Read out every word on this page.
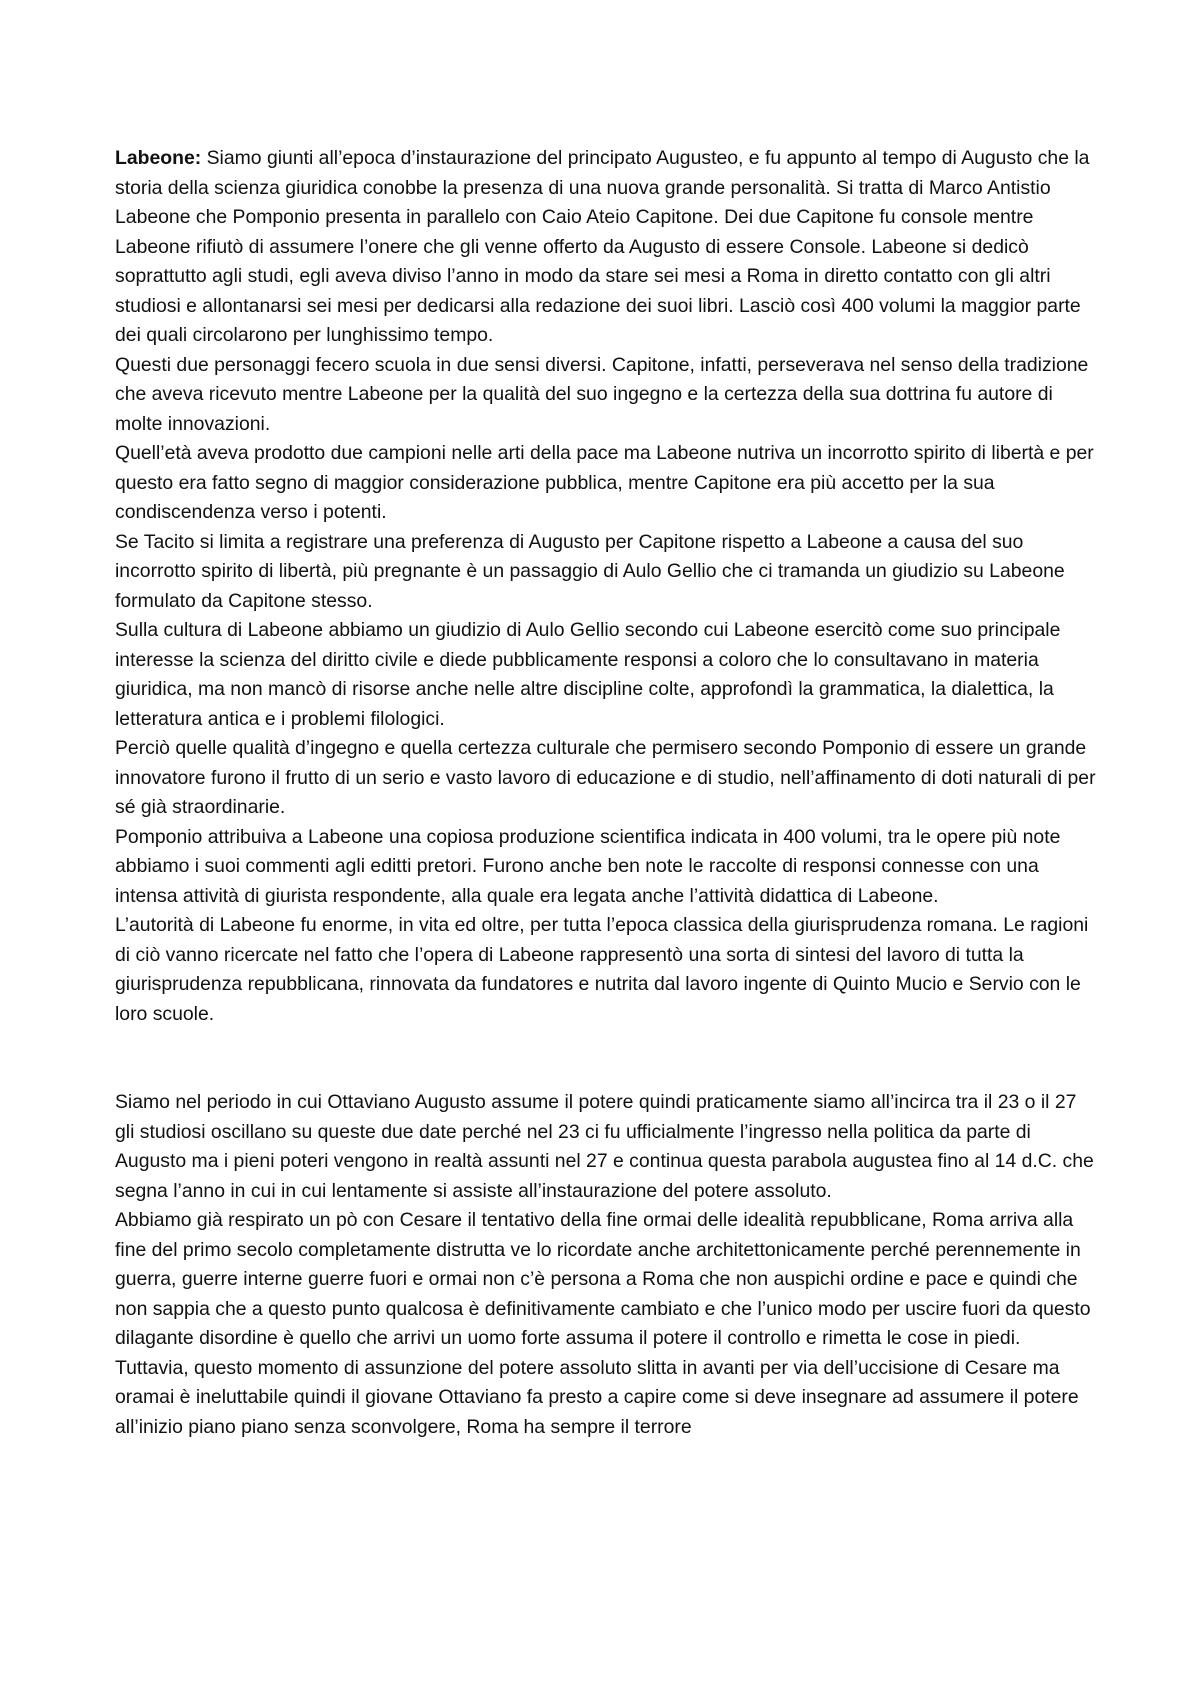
Labeone: Siamo giunti all’epoca d’instaurazione del principato Augusteo, e fu appunto al tempo di Augusto che la storia della scienza giuridica conobbe la presenza di una nuova grande personalità. Si tratta di Marco Antistio Labeone che Pomponio presenta in parallelo con Caio Ateio Capitone. Dei due Capitone fu console mentre Labeone rifiutò di assumere l’onere che gli venne offerto da Augusto di essere Console. Labeone si dedicò soprattutto agli studi, egli aveva diviso l’anno in modo da stare sei mesi a Roma in diretto contatto con gli altri studiosi e allontanarsi sei mesi per dedicarsi alla redazione dei suoi libri. Lasciò così 400 volumi la maggior parte dei quali circolarono per lunghissimo tempo.

Questi due personaggi fecero scuola in due sensi diversi. Capitone, infatti, perseverava nel senso della tradizione che aveva ricevuto mentre Labeone per la qualità del suo ingegno e la certezza della sua dottrina fu autore di molte innovazioni.

Quell’età aveva prodotto due campioni nelle arti della pace ma Labeone nutriva un incorrotto spirito di libertà e per questo era fatto segno di maggior considerazione pubblica, mentre Capitone era più accetto per la sua condiscendenza verso i potenti.

Se Tacito si limita a registrare una preferenza di Augusto per Capitone rispetto a Labeone a causa del suo incorrotto spirito di libertà, più pregnante è un passaggio di Aulo Gellio che ci tramanda un giudizio su Labeone formulato da Capitone stesso.

Sulla cultura di Labeone abbiamo un giudizio di Aulo Gellio secondo cui Labeone esercitò come suo principale interesse la scienza del diritto civile e diede pubblicamente responsi a coloro che lo consultavano in materia giuridica, ma non mancò di risorse anche nelle altre discipline colte, approfondì la grammatica, la dialettica, la letteratura antica e i problemi filologici.

Perciò quelle qualità d’ingegno e quella certezza culturale che permisero secondo Pomponio di essere un grande innovatore furono il frutto di un serio e vasto lavoro di educazione e di studio, nell’affinamento di doti naturali di per sé già straordinarie.

Pomponio attribuiva a Labeone una copiosa produzione scientifica indicata in 400 volumi, tra le opere più note abbiamo i suoi commenti agli editti pretori. Furono anche ben note le raccolte di responsi connesse con una intensa attività di giurista respondente, alla quale era legata anche l’attività didattica di Labeone.

L’autorità di Labeone fu enorme, in vita ed oltre, per tutta l’epoca classica della giurisprudenza romana. Le ragioni di ciò vanno ricercate nel fatto che l’opera di Labeone rappresentò una sorta di sintesi del lavoro di tutta la giurisprudenza repubblicana, rinnovata da fundatores e nutrita dal lavoro ingente di Quinto Mucio e Servio con le loro scuole.

Siamo nel periodo in cui Ottaviano Augusto assume il potere quindi praticamente siamo all’incirca tra il 23 o il 27 gli studiosi oscillano su queste due date perché nel 23 ci fu ufficialmente l’ingresso nella politica da parte di Augusto ma i pieni poteri vengono in realtà assunti nel 27 e continua questa parabola augustea fino al 14 d.C. che segna l’anno in cui in cui lentamente si assiste all’instaurazione del potere assoluto.

Abbiamo già respirato un pò con Cesare il tentativo della fine ormai delle idealità repubblicane, Roma arriva alla fine del primo secolo completamente distrutta ve lo ricordate anche architettonicamente perché perennemente in guerra, guerre interne guerre fuori e ormai non c’è persona a Roma che non auspichi ordine e pace e quindi che non sappia che a questo punto qualcosa è definitivamente cambiato e che l’unico modo per uscire fuori da questo dilagante disordine è quello che arrivi un uomo forte assuma il potere il controllo e rimetta le cose in piedi.

Tuttavia, questo momento di assunzione del potere assoluto slitta in avanti per via dell’uccisione di Cesare ma oramai è ineluttabile quindi il giovane Ottaviano fa presto a capire come si deve insegnare ad assumere il potere all’inizio piano piano senza sconvolgere, Roma ha sempre il terrore
